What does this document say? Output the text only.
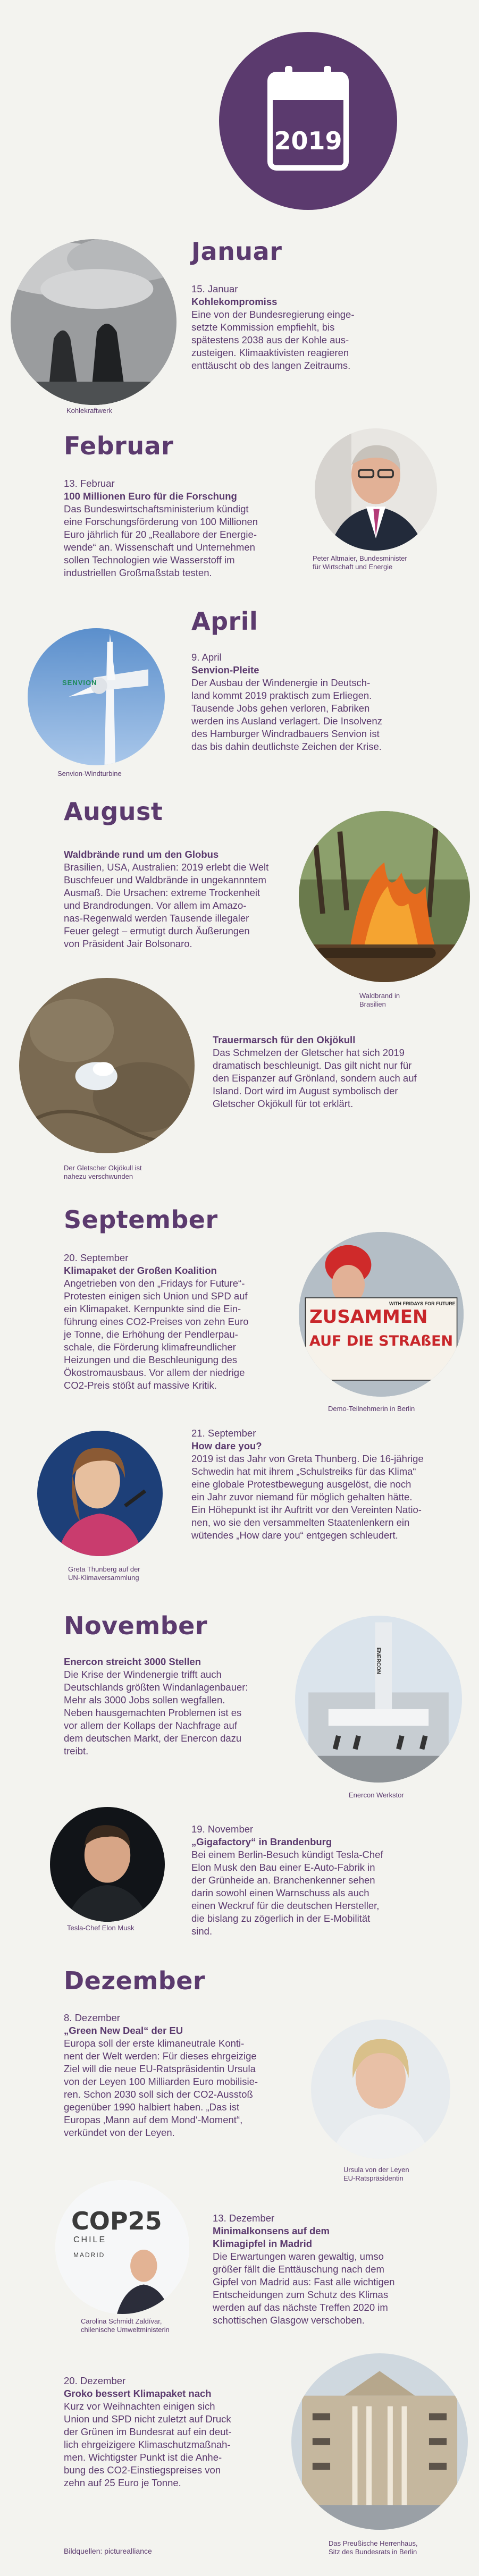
2019
Januar
Kohlekraftwerk
15. Januar
Kohlekompromiss
Eine von der Bundesregierung einge-
setzte Kommission empfiehlt, bis
spätestens 2038 aus der Kohle aus-
zusteigen. Klimaaktivisten reagieren
enttäuscht ob des langen Zeitraums.
Februar
13. Februar
100 Millionen Euro für die Forschung
Das Bundeswirtschaftsministerium kündigt
eine Forschungsförderung von 100 Millionen
Euro jährlich für 20 „Reallabore der Energie-
wende“ an. Wissenschaft und Unternehmen
sollen Technologien wie Wasserstoff im
industriellen Großmaßstab testen.
Peter Altmaier, Bundesminister
für Wirtschaft und Energie
April
SENVION
Senvion-Windturbine
9. April
Senvion-Pleite
Der Ausbau der Windenergie in Deutsch-
land kommt 2019 praktisch zum Erliegen.
Tausende Jobs gehen verloren, Fabriken
werden ins Ausland verlagert. Die Insolvenz
des Hamburger Windradbauers Senvion ist
das bis dahin deutlichste Zeichen der Krise.
August
Waldbrände rund um den Globus
Brasilien, USA, Australien: 2019 erlebt die Welt
Buschfeuer und Waldbrände in ungekannntem
Ausmaß. Die Ursachen: extreme Trockenheit
und Brandrodungen. Vor allem im Amazo-
nas-Regenwald werden Tausende illegaler
Feuer gelegt – ermutigt durch Äußerungen
von Präsident Jair Bolsonaro.
Waldbrand in
Brasilien
Der Gletscher Okjökull ist
nahezu verschwunden
Trauermarsch für den Okjökull
Das Schmelzen der Gletscher hat sich 2019
dramatisch beschleunigt. Das gilt nicht nur für
den Eispanzer auf Grönland, sondern auch auf
Island. Dort wird im August symbolisch der
Gletscher Okjökull für tot erklärt.
September
20. September
Klimapaket der Großen Koalition
Angetrieben von den „Fridays for Future“-
Protesten einigen sich Union und SPD auf
ein Klimapaket. Kernpunkte sind die Ein-
führung eines CO2-Preises von zehn Euro
je Tonne, die Erhöhung der Pendlerpau-
schale, die Förderung klimafreundlicher
Heizungen und die Beschleunigung des
Ökostromausbaus. Vor allem der niedrige
CO2-Preis stößt auf massive Kritik.
ZUSAMMEN
WITH FRIDAYS FOR FUTURE
AUF DIE STRAßEN
Demo-Teilnehmerin in Berlin
Greta Thunberg auf der
UN-Klimaversammlung
21. September
How dare you?
2019 ist das Jahr von Greta Thunberg. Die 16-jährige
Schwedin hat mit ihrem „Schulstreiks für das Klima“
eine globale Protestbewegung ausgelöst, die noch
ein Jahr zuvor niemand für möglich gehalten hätte.
Ein Höhepunkt ist ihr Auftritt vor den Vereinten Natio-
nen, wo sie den versammelten Staatenlenkern ein
wütendes „How dare you“ entgegen schleudert.
November
Enercon streicht 3000 Stellen
Die Krise der Windenergie trifft auch
Deutschlands größten Windanlagenbauer:
Mehr als 3000 Jobs sollen wegfallen.
Neben hausgemachten Problemen ist es
vor allem der Kollaps der Nachfrage auf
dem deutschen Markt, der Enercon dazu
treibt.
ENERCON
Enercon Werkstor
Tesla-Chef Elon Musk
19. November
„Gigafactory“ in Brandenburg
Bei einem Berlin-Besuch kündigt Tesla-Chef
Elon Musk den Bau einer E-Auto-Fabrik in
der Grünheide an. Branchenkenner sehen
darin sowohl einen Warnschuss als auch
einen Weckruf für die deutschen Hersteller,
die bislang zu zögerlich in der E-Mobilität
sind.
Dezember
8. Dezember
„Green New Deal“ der EU
Europa soll der erste klimaneutrale Konti-
nent der Welt werden: Für dieses ehrgeizige
Ziel will die neue EU-Ratspräsidentin Ursula
von der Leyen 100 Milliarden Euro mobilisie-
ren. Schon 2030 soll sich der CO2-Ausstoß
gegenüber 1990 halbiert haben. „Das ist
Europas ‚Mann auf dem Mond‘-Moment“,
verkündet von der Leyen.
Ursula von der Leyen
EU-Ratspräsidentin
COP25
CHILE
MADRID
Carolina Schmidt Zaldívar,
chilenische Umweltministerin
13. Dezember
Minimalkonsens auf dem
Klimagipfel in Madrid
Die Erwartungen waren gewaltig, umso
größer fällt die Enttäuschung nach dem
Gipfel von Madrid aus: Fast alle wichtigen
Entscheidungen zum Schutz des Klimas
werden auf das nächste Treffen 2020 im
schottischen Glasgow verschoben.
20. Dezember
Groko bessert Klimapaket nach
Kurz vor Weihnachten einigen sich
Union und SPD nicht zuletzt auf Druck
der Grünen im Bundesrat auf ein deut-
lich ehrgeizigere Klimaschutzmaßnah-
men. Wichtigster Punkt ist die Anhe-
bung des CO2-Einstiegspreises von
zehn auf 25 Euro je Tonne.
Das Preußische Herrenhaus,
Sitz des Bundesrats in Berlin
Bildquellen: picturealliance
